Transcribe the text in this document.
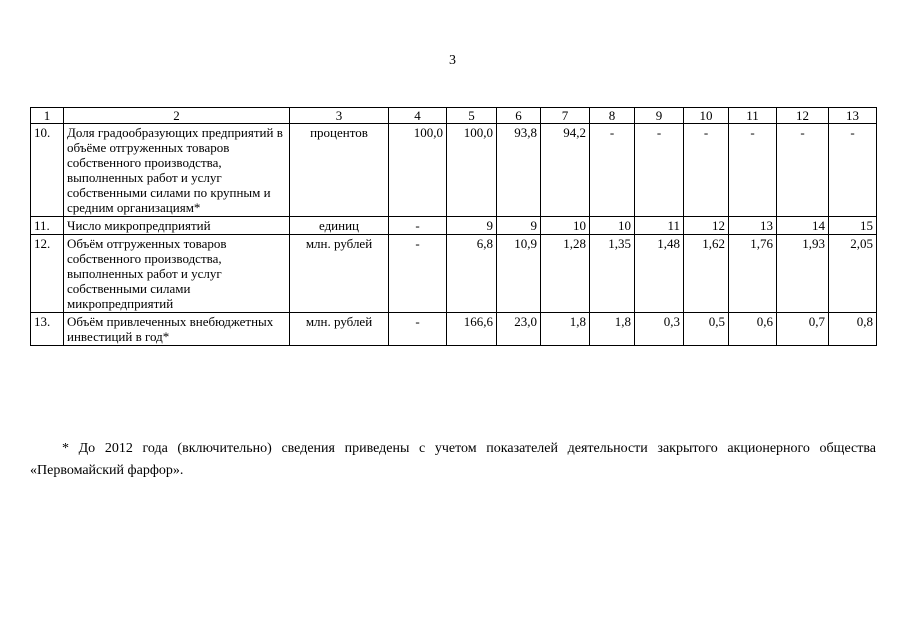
3
1	2	3	4	5	6	7	8	9	10	11	12	13
10.	Доля градообразующих предприятий в объёме отгруженных товаров собственного производства, выполненных работ и услуг собственными силами по крупным и средним организациям*	процентов	100,0	100,0	93,8	94,2	-	-	-	-	-	-
11.	Число микропредприятий	единиц	-	9	9	10	10	11	12	13	14	15
12.	Объём отгруженных товаров собственного производства, выполненных работ и услуг собственными силами микропредприятий	млн. рублей	-	6,8	10,9	1,28	1,35	1,48	1,62	1,76	1,93	2,05
13.	Объём привлеченных внебюджетных инвестиций в год*	млн. рублей	-	166,6	23,0	1,8	1,8	0,3	0,5	0,6	0,7	0,8

* До 2012 года (включительно) сведения приведены с учетом показателей деятельности закрытого акционерного общества «Первомайский фарфор».
